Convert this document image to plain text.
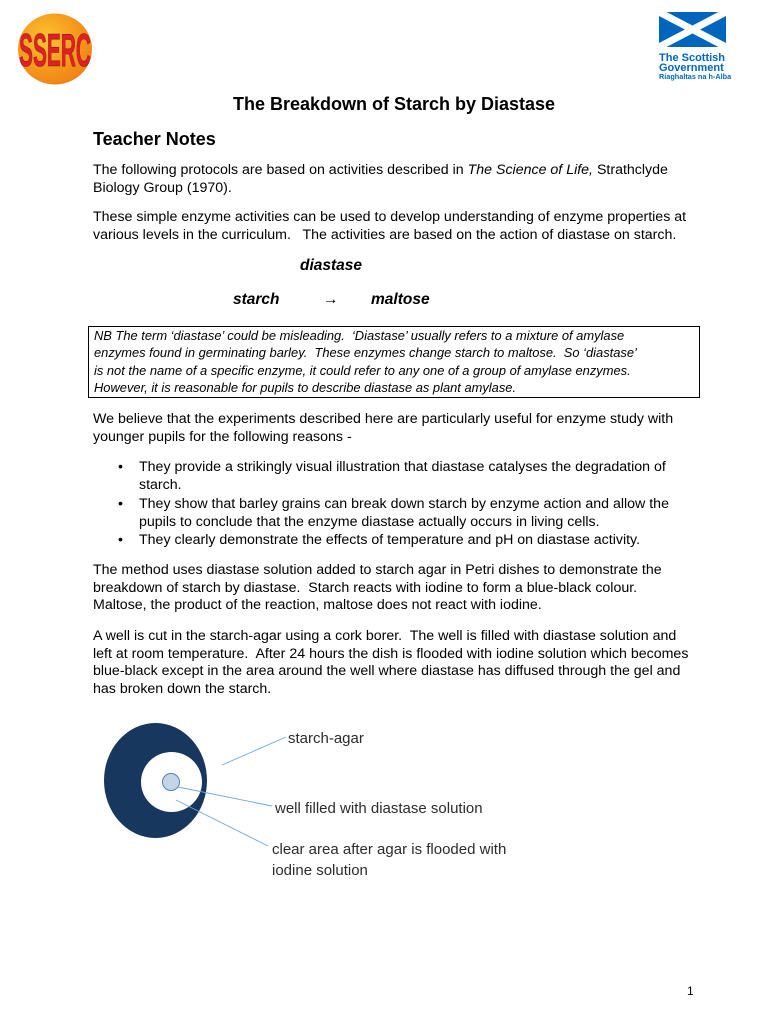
SSERC	The Scottish
Government
Riaghaltas na h-Alba
The Breakdown of Starch by Diastase
Teacher Notes
The following protocols are based on activities described in The Science of Life, Strathclyde
Biology Group (1970).
These simple enzyme activities can be used to develop understanding of enzyme properties at
various levels in the curriculum.   The activities are based on the action of diastase on starch.
diastase
starch	→ maltose
NB The term ‘diastase’ could be misleading.  ‘Diastase’ usually refers to a mixture of amylase
enzymes found in germinating barley.  These enzymes change starch to maltose.  So ‘diastase’
is not the name of a specific enzyme, it could refer to any one of a group of amylase enzymes.
However, it is reasonable for pupils to describe diastase as plant amylase.
We believe that the experiments described here are particularly useful for enzyme study with
younger pupils for the following reasons -
• They provide a strikingly visual illustration that diastase catalyses the degradation of
starch.
• They show that barley grains can break down starch by enzyme action and allow the
pupils to conclude that the enzyme diastase actually occurs in living cells.
• They clearly demonstrate the effects of temperature and pH on diastase activity.
The method uses diastase solution added to starch agar in Petri dishes to demonstrate the
breakdown of starch by diastase.  Starch reacts with iodine to form a blue-black colour.
Maltose, the product of the reaction, maltose does not react with iodine.
A well is cut in the starch-agar using a cork borer.  The well is filled with diastase solution and
left at room temperature.  After 24 hours the dish is flooded with iodine solution which becomes
blue-black except in the area around the well where diastase has diffused through the gel and
has broken down the starch.
starch-agar
well filled with diastase solution
clear area after agar is flooded with
iodine solution
1
